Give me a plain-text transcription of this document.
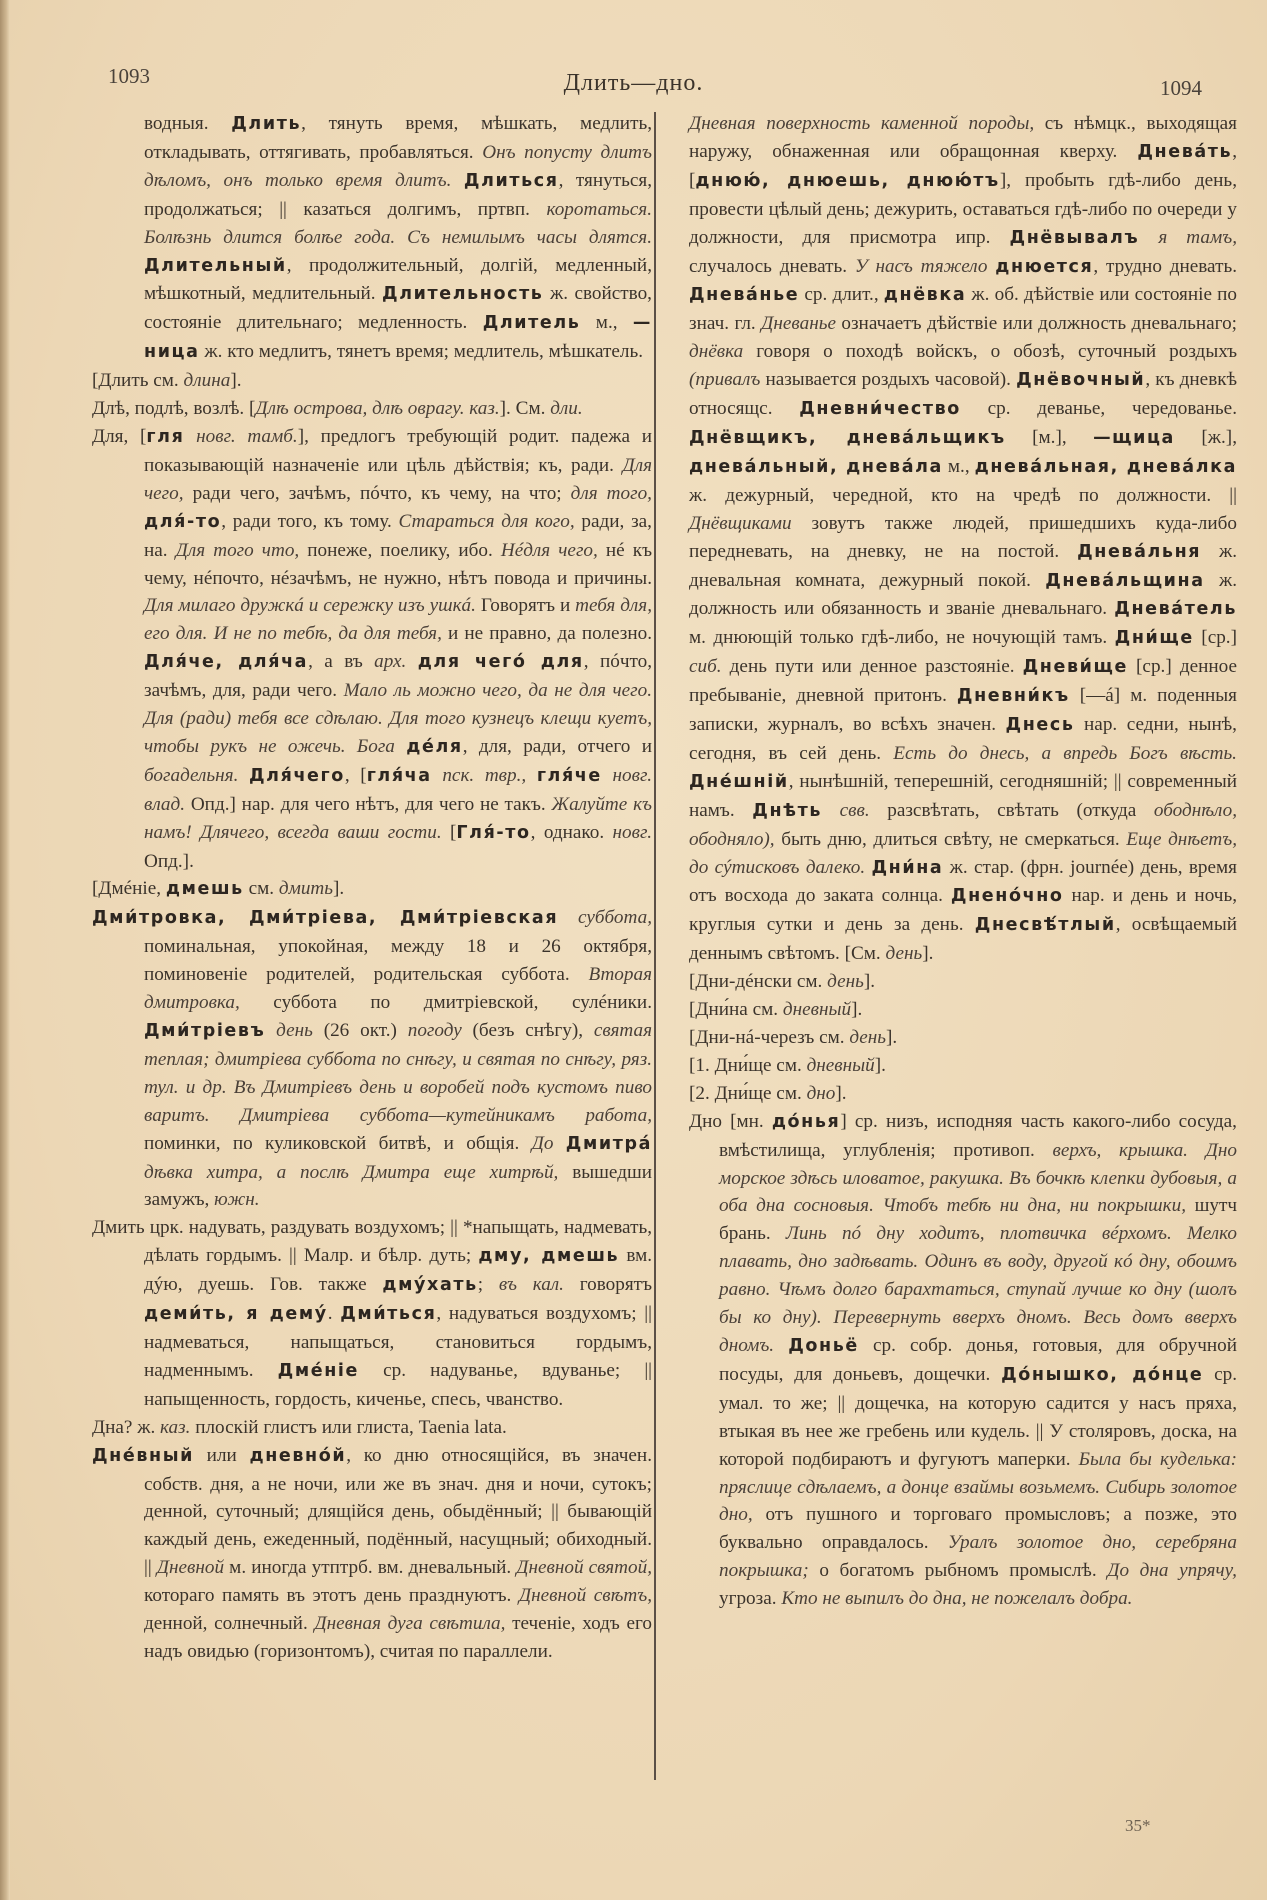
1093	Длить—дно.	1094

водныя. Длить, тянуть время, мѣшкать, медлить, откладывать, оттягивать, пробавляться. Онъ попусту длитъ дѣломъ, онъ только время длитъ. Длиться, тянуться, продолжаться; || казаться долгимъ, пртвп. коротаться. Болѣзнь длится болѣе года. Съ немилымъ часы длятся. Длительный, продолжительный, долгій, медленный, мѣшкотный, медлительный. Длительность ж. свойство, состояніе длительнаго; медленность. Длитель м., —ница ж. кто медлитъ, тянетъ время; медлитель, мѣшкатель.

[Длить см. длина].

Длѣ, подлѣ, возлѣ. [Длѣ острова, длѣ оврагу. каз.]. См. дли.

Для, [гля новг. тамб.], предлогъ требующій родит. падежа и показывающій назначеніе или цѣль дѣйствія; къ, ради. Для чего, ради чего, зачѣмъ, пóчто, къ чему, на что; для того, для́-то, ради того, къ тому. Стараться для кого, ради, за, на. Для того что, понеже, поелику, ибо. Нéдля чего, нé къ чему, нéпочто, нéзачѣмъ, не нужно, нѣтъ повода и причины. Для милаго дружкá и сережку изъ ушкá. Говорятъ и тебя для, его для. И не по тебѣ, да для тебя, и не правно, да полезно. Для́че, для́ча, а въ арх. для чегó для, пóчто, зачѣмъ, для, ради чего. Мало ль можно чего, да не для чего. Для (ради) тебя все сдѣлаю. Для того кузнецъ клещи куетъ, чтобы рукъ не ожечь. Бога дéля, для, ради, отчего и богадельня. Для́чего, [гля́ча пск. твр., гля́че новг. влад. Опд.] нар. для чего нѣтъ, для чего не такъ. Жалуйте къ намъ! Длячего, всегда ваши гости. [Гля́-то, однако. новг. Опд.].

[Дмéніе, дмешь см. дмить].

Дми́тровка, Дми́тріева, Дми́тріевская суббота, поминальная, упокойная, между 18 и 26 октября, поминовеніе родителей, родительская суббота. Вторая дмитровка, суббота по дмитріевской, сулéники. Дми́тріевъ день (26 окт.) погоду (безъ снѣгу), святая теплая; дмитріева суббота по снѣгу, и святая по снѣгу, ряз. тул. и др. Въ Дмитріевъ день и воробей подъ кустомъ пиво варитъ. Дмитріева суббота—кутейникамъ работа, поминки, по куликовской битвѣ, и общія. До Дмитрá дѣвка хитра, а послѣ Дмитра еще хитрѣй, вышедши замужъ, южн.

Дмить црк. надувать, раздувать воздухомъ; || *напыщать, надмевать, дѣлать гордымъ. || Малр. и бѣлр. дуть; дму, дмешь вм. дýю, дуешь. Гов. также дмýхать; въ кал. говорятъ деми́ть, я демý. Дми́ться, надуваться воздухомъ; || надмеваться, напыщаться, становиться гордымъ, надменнымъ. Дмéніе ср. надуванье, вдуванье; || напыщенность, гордость, киченье, спесь, чванство.

Дна? ж. каз. плоскій глистъ или глиста, Taenia lata.

Днéвный или дневнóй, ко дню относящійся, въ значен. собств. дня, а не ночи, или же въ знач. дня и ночи, сутокъ; денной, суточный; длящійся день, обыдённый; || бывающій каждый день, ежеденный, подённый, насущный; обиходный. || Дневной м. иногда утптрб. вм. дневальный. Дневной святой, котораго память въ этотъ день празднуютъ. Дневной свѣтъ, денной, солнечный. Дневная дуга свѣтила, теченіе, ходъ его надъ овидью (горизонтомъ), считая по параллели.

Дневная поверхность каменной породы, съ нѣмцк., выходящая наружу, обнаженная или обращонная кверху. Днева́ть, [днюю́, днюешь, днюю́тъ], пробыть гдѣ-либо день, провести цѣлый день; дежурить, оставаться гдѣ-либо по очереди у должности, для присмотра ипр. Днёвывалъ я тамъ, случалось дневать. У насъ тяжело днюется, трудно дневать. Днева́нье ср. длит., днёвка ж. об. дѣйствіе или состояніе по знач. гл. Дневанье означаетъ дѣйствіе или должность дневальнаго; днёвка говоря о походѣ войскъ, о обозѣ, суточный роздыхъ (привалъ называется роздыхъ часовой). Днёвочный, къ дневкѣ относящс. Дневни́чество ср. деванье, чередованье. Днёвщикъ, днева́льщикъ [м.], —щица [ж.], днева́льный, днева́ла м., днева́льная, днева́лка ж. дежурный, чередной, кто на чредѣ по должности. || Днёвщиками зовутъ также людей, пришедшихъ куда-либо передневать, на дневку, не на постой. Днева́льня ж. дневальная комната, дежурный покой. Днева́льщина ж. должность или обязанность и званіе дневальнаго. Днева́тель м. днюющій только гдѣ-либо, не ночующій тамъ. Дни́ще [ср.] сиб. день пути или денное разстояніе. Дневи́ще [ср.] денное пребываніе, дневной притонъ. Дневни́къ [—á] м. поденныя записки, журналъ, во всѣхъ значен. Днесь нар. седни, нынѣ, сегодня, въ сей день. Есть до днесь, а впредь Богъ вѣсть. Днéшній, нынѣшній, теперешній, сегодняшній; || современный намъ. Днѣть свв. разсвѣтать, свѣтать (откуда ободнѣло, ободняло), быть дню, длиться свѣту, не смеркаться. Еще днѣетъ, до сýтисковъ далеко. Дни́на ж. стар. (фрн. journée) день, время отъ восхода до заката солнца. Дненóчно нар. и день и ночь, круглыя сутки и день за день. Днесвѣ́тлый, освѣщаемый деннымъ свѣтомъ. [См. день].

[Дни-дéнски см. день].

[Дни́на см. дневный].

[Дни-нá-черезъ см. день].

[1. Дни́ще см. дневный].

[2. Дни́ще см. дно].

Дно [мн. дóнья] ср. низъ, исподняя часть какого-либо сосуда, вмѣстилища, углубленія; противоп. верхъ, крышка. Дно морское здѣсь иловатое, ракушка. Въ бочкѣ клепки дубовыя, а оба дна сосновыя. Чтобъ тебѣ ни дна, ни покрышки, шутч брань. Линь пó дну ходитъ, плотвичка вéрхомъ. Мелко плавать, дно задѣвать. Одинъ въ воду, другой кó дну, обоимъ равно. Чѣмъ долго барахтаться, ступай лучше ко дну (шолъ бы ко дну). Перевернуть вверхъ дномъ. Весь домъ вверхъ дномъ. Доньё ср. собр. донья, готовыя, для обручной посуды, для доньевъ, дощечки. Дóнышко, дóнце ср. умал. то же; || дощечка, на которую садится у насъ пряха, втыкая въ нее же гребень или кудель. || У столяровъ, доска, на которой подбираютъ и фугуютъ маперки. Была бы куделька: пряслице сдѣлаемъ, а донце взаймы возьмемъ. Сибирь золотое дно, отъ пушного и торговаго промысловъ; а позже, это буквально оправдалось. Уралъ золотое дно, серебряна покрышка; о богатомъ рыбномъ промыслѣ. До дна упрячу, угроза. Кто не выпилъ до дна, не пожелалъ добра.

35*
